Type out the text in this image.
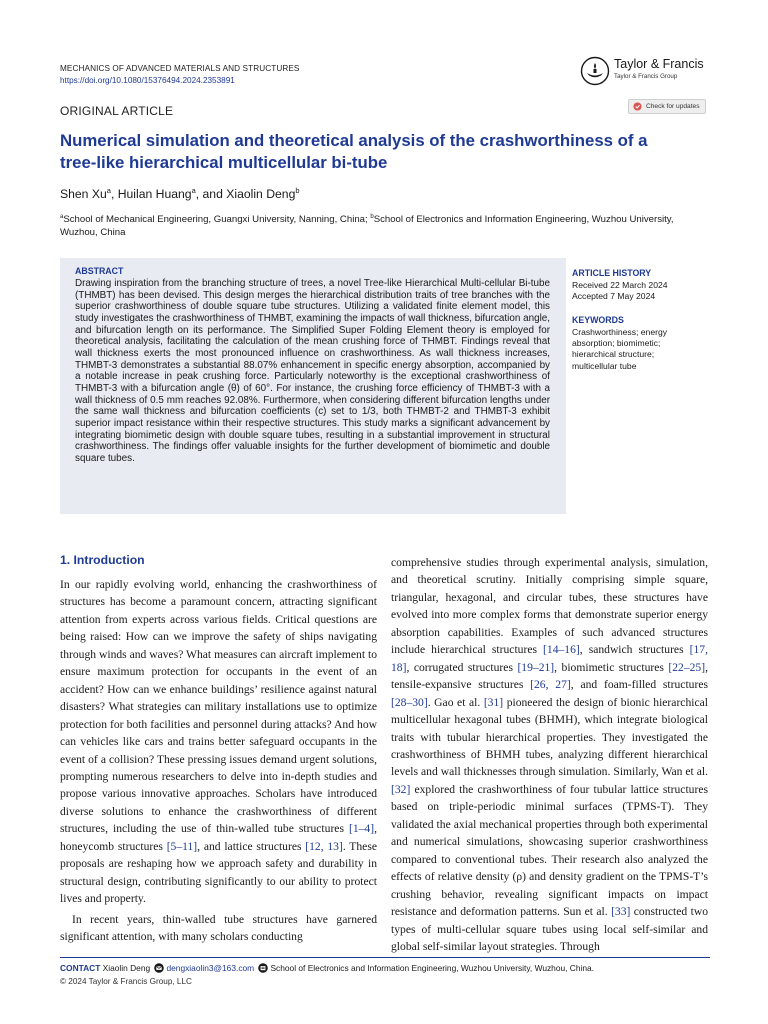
MECHANICS OF ADVANCED MATERIALS AND STRUCTURES
https://doi.org/10.1080/15376494.2024.2353891
Taylor & Francis
Taylor & Francis Group
ORIGINAL ARTICLE	Check for updates
Numerical simulation and theoretical analysis of the crashworthiness of a tree-like hierarchical multicellular bi-tube
Shen Xu$^a$, Huilan Huang$^a$, and Xiaolin Deng$^b$
$^a$School of Mechanical Engineering, Guangxi University, Nanning, China; $^b$School of Electronics and Information Engineering, Wuzhou University, Wuzhou, China
ABSTRACT

Drawing inspiration from the branching structure of trees, a novel Tree-like Hierarchical Multi-cellular Bi-tube (THMBT) has been devised. This design merges the hierarchical distribution traits of tree branches with the superior crashworthiness of double square tube structures. Utilizing a validated finite element model, this study investigates the crashworthiness of THMBT, examining the impacts of wall thickness, bifurcation angle, and bifurcation length on its performance. The Simplified Super Folding Element theory is employed for theoretical analysis, facilitating the calculation of the mean crushing force of THMBT. Findings reveal that wall thickness exerts the most pronounced influence on crashworthiness. As wall thickness increases, THMBT-3 demonstrates a substantial 88.07% enhancement in specific energy absorption, accompanied by a notable increase in peak crushing force. Particularly noteworthy is the exceptional crashworthiness of THMBT-3 with a bifurcation angle (θ) of 60°. For instance, the crushing force efficiency of THMBT-3 with a wall thickness of 0.5 mm reaches 92.08%. Furthermore, when considering different bifurcation lengths under the same wall thickness and bifurcation coefficients (c) set to 1/3, both THMBT-2 and THMBT-3 exhibit superior impact resistance within their respective structures. This study marks a significant advancement by integrating biomimetic design with double square tubes, resulting in a substantial improvement in structural crashworthiness. The findings offer valuable insights for the further development of biomimetic and double square tubes.

ARTICLE HISTORY
Received 22 March 2024
Accepted 7 May 2024
KEYWORDS

Crashworthiness; energy absorption; biomimetic; hierarchical structure; multicellular tube

1. Introduction

In our rapidly evolving world, enhancing the crashworthiness of structures has become a paramount concern, attracting significant attention from experts across various fields. Critical questions are being raised: How can we improve the safety of ships navigating through winds and waves? What measures can aircraft implement to ensure maximum protection for occupants in the event of an accident? How can we enhance buildings’ resilience against natural disasters? What strategies can military installations use to optimize protection for both facilities and personnel during attacks? And how can vehicles like cars and trains better safeguard occupants in the event of a collision? These pressing issues demand urgent solutions, prompting numerous researchers to delve into in-depth studies and propose various innovative approaches. Scholars have introduced diverse solutions to enhance the crashworthiness of different structures, including the use of thin-walled tube structures [1–4], honeycomb structures [5–11], and lattice structures [12, 13]. These proposals are reshaping how we approach safety and durability in structural design, contributing significantly to our ability to protect lives and property.

comprehensive studies through experimental analysis, simulation, and theoretical scrutiny. Initially comprising simple square, triangular, hexagonal, and circular tubes, these structures have evolved into more complex forms that demonstrate superior energy absorption capabilities. Examples of such advanced structures include hierarchical structures [14–16], sandwich structures [17, 18], corrugated structures [19–21], biomimetic structures [22–25], tensile-expansive structures [26, 27], and foam-filled structures [28–30]. Gao et al. [31] pioneered the design of bionic hierarchical multicellular hexagonal tubes (BHMH), which integrate biological traits with tubular hierarchical properties. They investigated the crashworthiness of BHMH tubes, analyzing different hierarchical levels and wall thicknesses through simulation. Similarly, Wan et al. [32] explored the crashworthiness of four tubular lattice structures based on triple-periodic minimal surfaces (TPMS-T). They validated the axial mechanical properties through both experimental and numerical simulations, showcasing superior crashworthiness compared to conventional tubes. Their research also analyzed the effects of relative density (ρ) and density gradient on the TPMS-T’s crushing behavior, revealing significant impacts on impact resistance and deformation patterns. Sun et al. [33] constructed two types of multi-cellular square tubes using local self-similar and global self-similar layout strategies. Through

In recent years, thin-walled tube structures have garnered significant attention, with many scholars conducting

CONTACT Xiaolin Deng dengxiaolin3@163.com School of Electronics and Information Engineering, Wuzhou University, Wuzhou, China.
© 2024 Taylor & Francis Group, LLC
